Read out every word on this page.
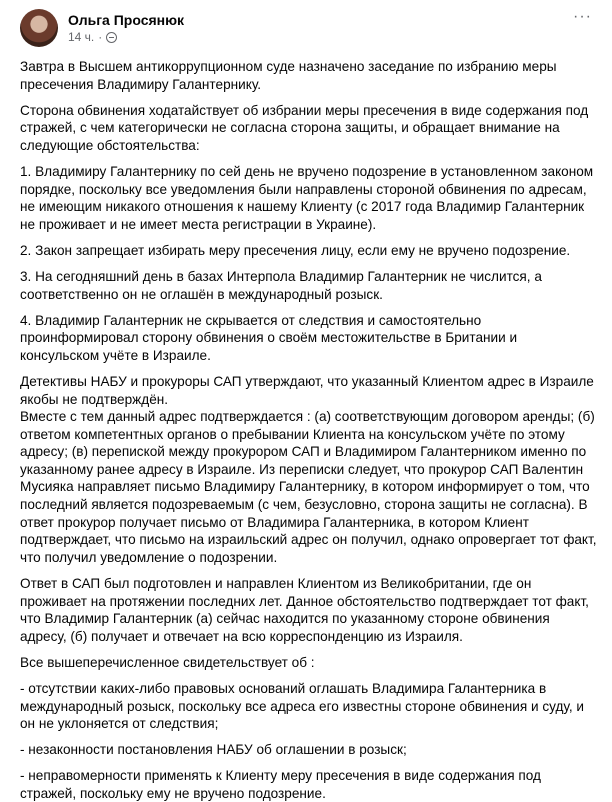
Ольга Просянюк
14 ч. ·
···

Завтра в Высшем антикоррупционном суде назначено заседание по избранию меры пресечения Владимиру Галантернику.

Сторона обвинения ходатайствует об избрании меры пресечения в виде содержания под стражей, с чем категорически не согласна сторона защиты, и обращает внимание на следующие обстоятельства:

1. Владимиру Галантернику по сей день не вручено подозрение в установленном законом порядке, поскольку все уведомления были направлены стороной обвинения по адресам, не имеющим никакого отношения к нашему Клиенту (с 2017 года Владимир Галантерник не проживает и не имеет места регистрации в Украине).

2. Закон запрещает избирать меру пресечения лицу, если ему не вручено подозрение.

3. На сегодняшний день в базах Интерпола Владимир Галантерник не числится, а соответственно он не оглашён в международный розыск.

4. Владимир Галантерник не скрывается от следствия и самостоятельно проинформировал сторону обвинения о своём местожительстве в Британии и консульском учёте в Израиле.

Детективы НАБУ и прокуроры САП утверждают, что указанный Клиентом адрес в Израиле якобы не подтверждён.
Вместе с тем данный адрес подтверждается : (а) соответствующим договором аренды; (б) ответом компетентных органов о пребывании Клиента на консульском учёте по этому адресу; (в) перепиской между прокурором САП и Владимиром Галантерником именно по указанному ранее адресу в Израиле. Из переписки следует, что прокурор САП Валентин Мусияка направляет письмо Владимиру Галантернику, в котором информирует о том, что последний является подозреваемым (с чем, безусловно, сторона защиты не согласна). В ответ прокурор получает письмо от Владимира Галантерника, в котором Клиент подтверждает, что письмо на израильский адрес он получил, однако опровергает тот факт, что получил уведомление о подозрении.

Ответ в САП был подготовлен и направлен Клиентом из Великобритании, где он проживает на протяжении последних лет. Данное обстоятельство подтверждает тот факт, что Владимир Галантерник (а) сейчас находится по указанному стороне обвинения адресу, (б) получает и отвечает на всю корреспонденцию из Израиля.

Все вышеперечисленное свидетельствует об :

- отсутствии каких-либо правовых оснований оглашать Владимира Галантерника в международный розыск, поскольку все адреса его известны стороне обвинения и суду, и он не уклоняется от следствия;

- незаконности постановления НАБУ об оглашении в розыск;

- неправомерности применять к Клиенту меру пресечения в виде содержания под стражей, поскольку ему не вручено подозрение.
